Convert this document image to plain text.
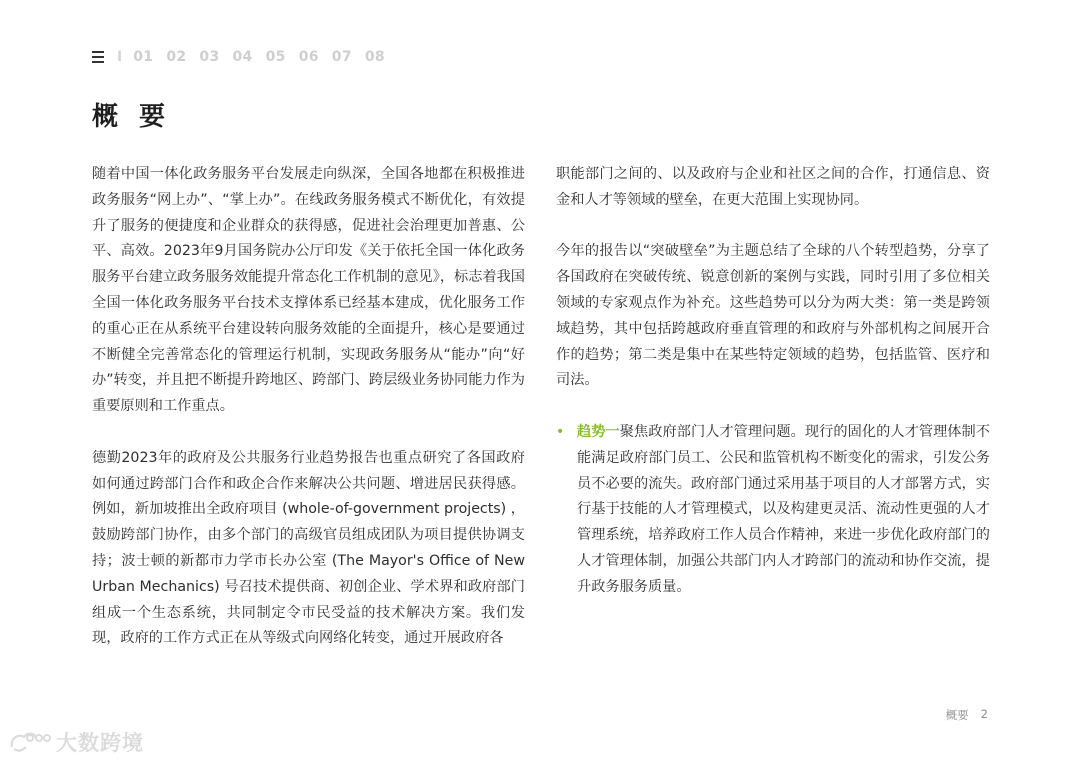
I 01 02 03 04 05 06 07 08
概 要

随着中国一体化政务服务平台发展走向纵深，全国各地都在积极推进政务服务“网上办”、“掌上办”。在线政务服务模式不断优化，有效提升了服务的便捷度和企业群众的获得感，促进社会治理更加普惠、公平、高效。2023年9月国务院办公厅印发《关于依托全国一体化政务服务平台建立政务服务效能提升常态化工作机制的意见》，标志着我国全国一体化政务服务平台技术支撑体系已经基本建成，优化服务工作的重心正在从系统平台建设转向服务效能的全面提升，核心是要通过不断健全完善常态化的管理运行机制，实现政务服务从“能办”向“好办”转变，并且把不断提升跨地区、跨部门、跨层级业务协同能力作为重要原则和工作重点。

德勤2023年的政府及公共服务行业趋势报告也重点研究了各国政府如何通过跨部门合作和政企合作来解决公共问题、增进居民获得感。例如，新加坡推出全政府项目 (whole-of-government projects) ，鼓励跨部门协作，由多个部门的高级官员组成团队为项目提供协调支持；波士顿的新都市力学市长办公室 (The Mayor's Office of New Urban Mechanics) 号召技术提供商、初创企业、学术界和政府部门组成一个生态系统，共同制定令市民受益的技术解决方案。我们发现，政府的工作方式正在从等级式向网络化转变，通过开展政府各

职能部门之间的、以及政府与企业和社区之间的合作，打通信息、资金和人才等领域的壁垒，在更大范围上实现协同。

今年的报告以“突破壁垒”为主题总结了全球的八个转型趋势，分享了各国政府在突破传统、锐意创新的案例与实践，同时引用了多位相关领域的专家观点作为补充。这些趋势可以分为两大类：第一类是跨领域趋势，其中包括跨越政府垂直管理的和政府与外部机构之间展开合作的趋势；第二类是集中在某些特定领域的趋势，包括监管、医疗和司法。

• 趋势一聚焦政府部门人才管理问题。现行的固化的人才管理体制不能满足政府部门员工、公民和监管机构不断变化的需求，引发公务员不必要的流失。政府部门通过采用基于项目的人才部署方式，实行基于技能的人才管理模式，以及构建更灵活、流动性更强的人才管理系统，培养政府工作人员合作精神，来进一步优化政府部门的人才管理体制，加强公共部门内人才跨部门的流动和协作交流，提升政务服务质量。
概要 2
大数跨境
